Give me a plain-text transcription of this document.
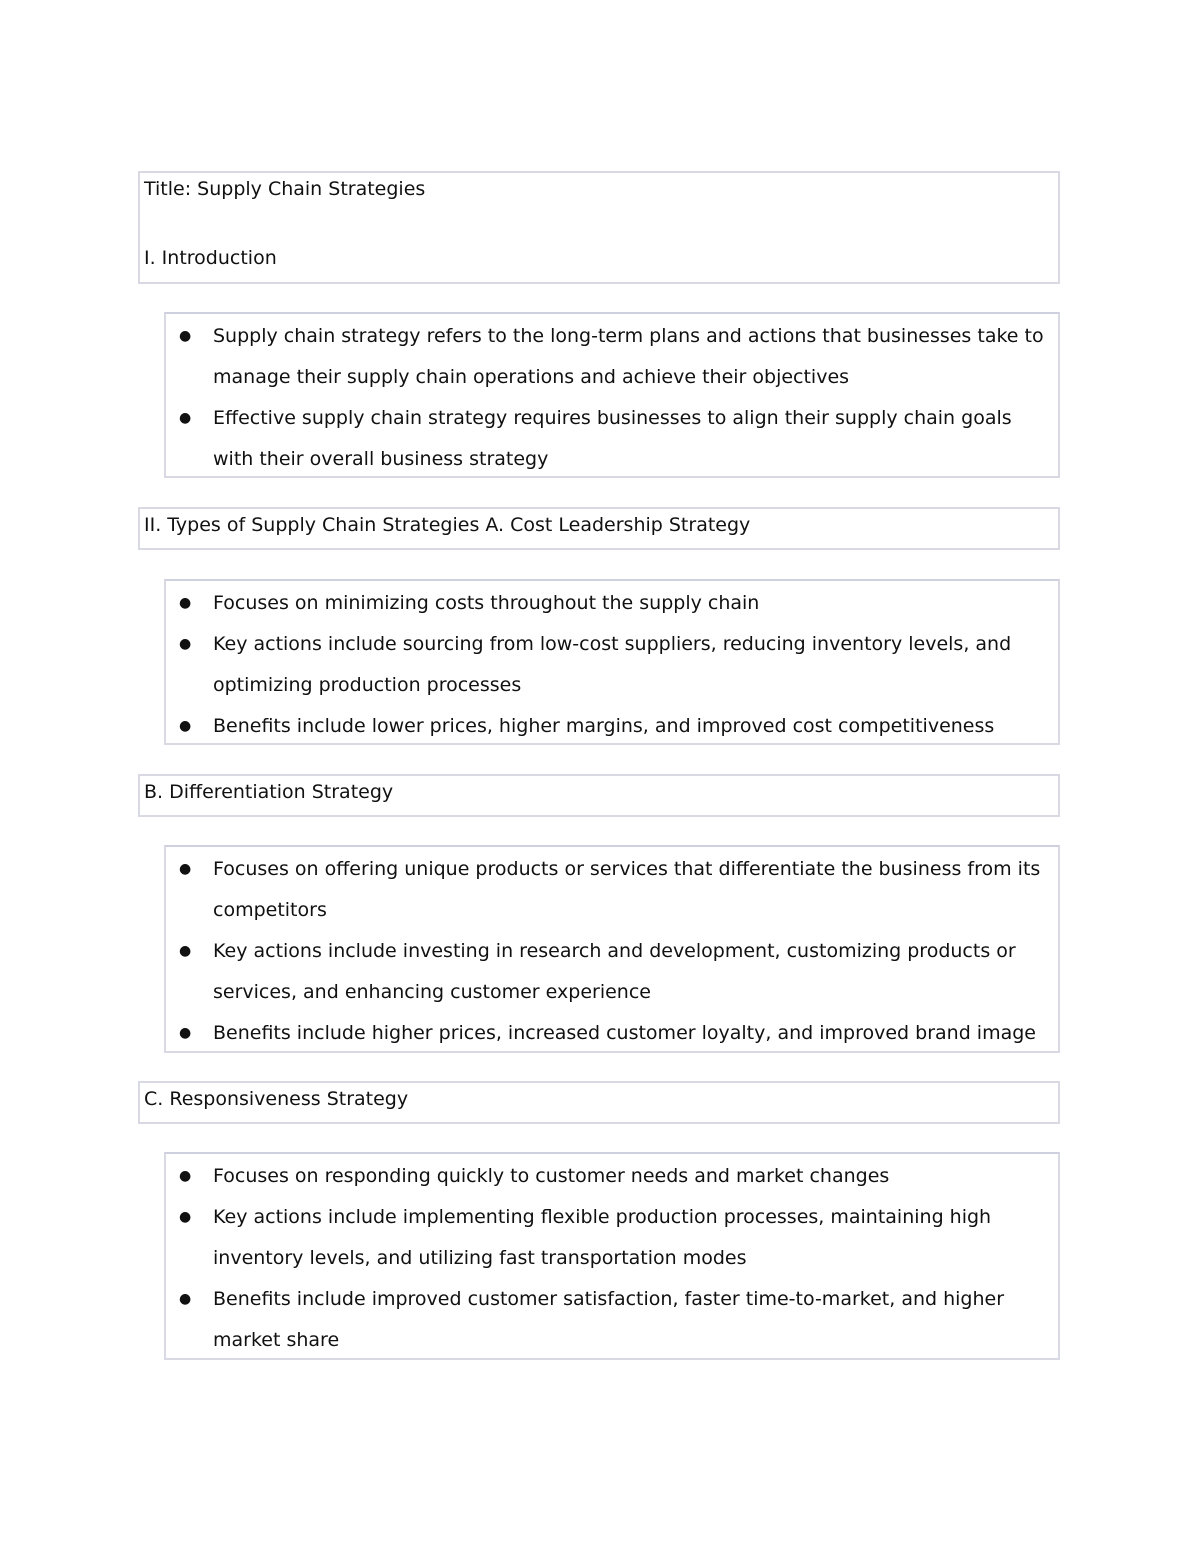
Title: Supply Chain Strategies
I. Introduction
● Supply chain strategy refers to the long-term plans and actions that businesses take to manage their supply chain operations and achieve their objectives
● Effective supply chain strategy requires businesses to align their supply chain goals with their overall business strategy
II. Types of Supply Chain Strategies A. Cost Leadership Strategy
● Focuses on minimizing costs throughout the supply chain
● Key actions include sourcing from low-cost suppliers, reducing inventory levels, and optimizing production processes
● Benefits include lower prices, higher margins, and improved cost competitiveness
B. Differentiation Strategy
● Focuses on offering unique products or services that differentiate the business from its competitors
● Key actions include investing in research and development, customizing products or services, and enhancing customer experience
● Benefits include higher prices, increased customer loyalty, and improved brand image
C. Responsiveness Strategy
● Focuses on responding quickly to customer needs and market changes
● Key actions include implementing flexible production processes, maintaining high inventory levels, and utilizing fast transportation modes
● Benefits include improved customer satisfaction, faster time-to-market, and higher market share
